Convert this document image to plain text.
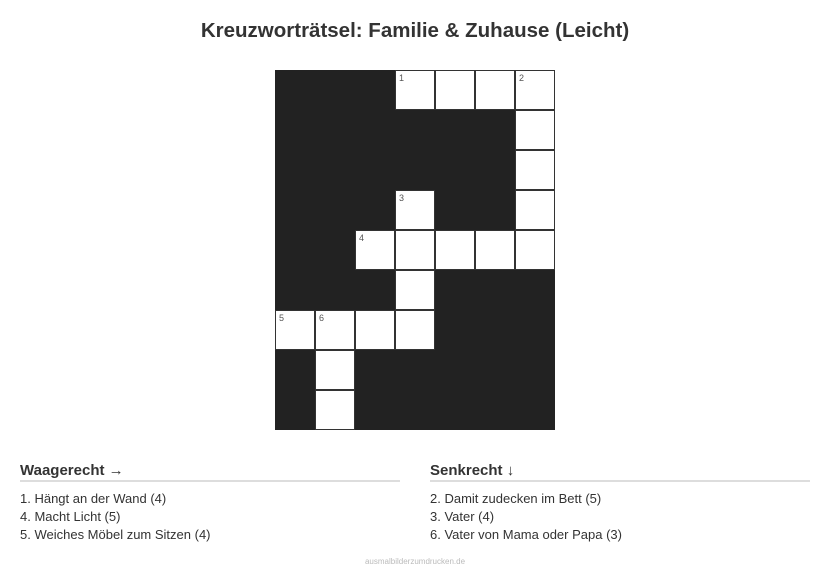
Kreuzworträtsel: Familie & Zuhause (Leicht)
1	2
3
4
5	6
Waagerecht →
1. Hängt an der Wand (4)
4. Macht Licht (5)
5. Weiches Möbel zum Sitzen (4)
Senkrecht ↓
2. Damit zudecken im Bett (5)
3. Vater (4)
6. Vater von Mama oder Papa (3)
ausmalbilderzumdrucken.de
